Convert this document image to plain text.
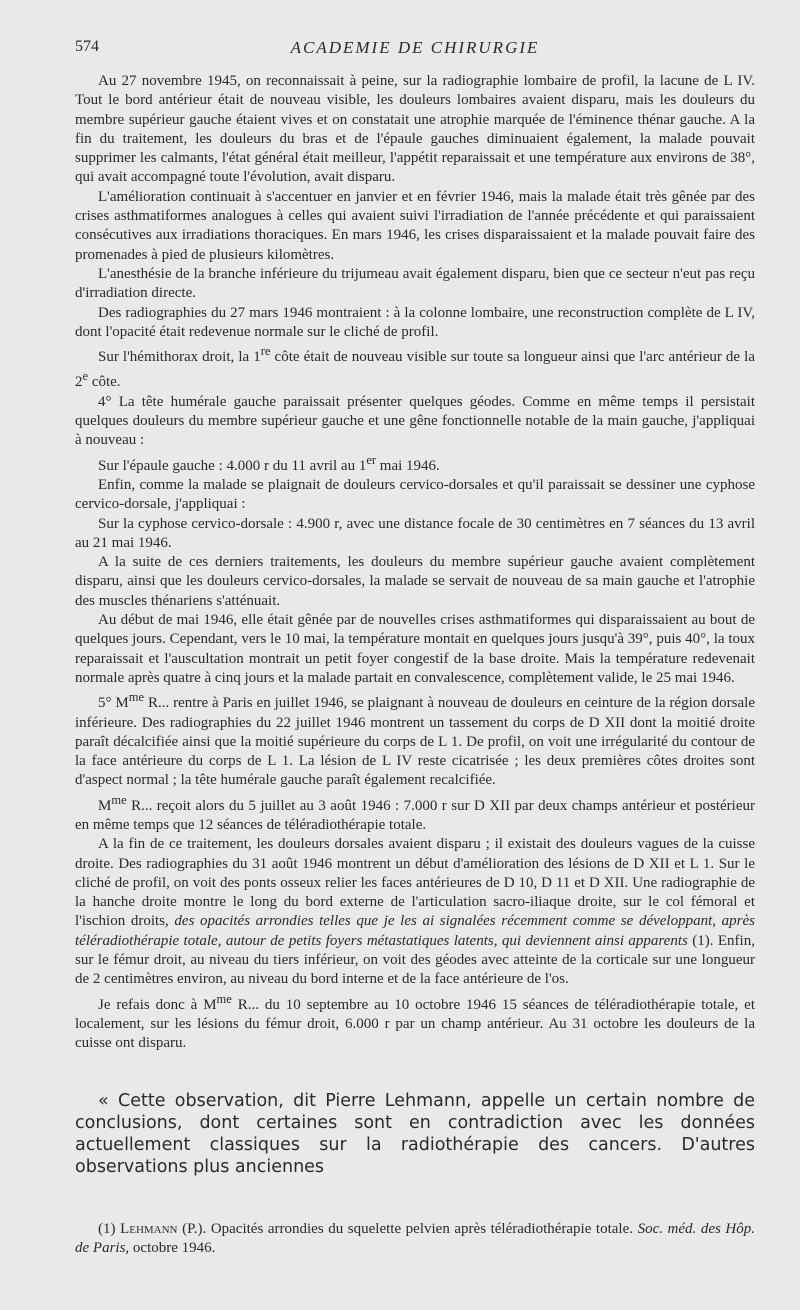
574	ACADEMIE DE CHIRURGIE

Au 27 novembre 1945, on reconnaissait à peine, sur la radiographie lombaire de profil, la lacune de L IV. Tout le bord antérieur était de nouveau visible, les douleurs lombaires avaient disparu, mais les douleurs du membre supérieur gauche étaient vives et on constatait une atrophie marquée de l'éminence thénar gauche. A la fin du traitement, les douleurs du bras et de l'épaule gauches diminuaient également, la malade pouvait supprimer les calmants, l'état général était meilleur, l'appétit reparaissait et une température aux environs de 38°, qui avait accompagné toute l'évolution, avait disparu.

L'amélioration continuait à s'accentuer en janvier et en février 1946, mais la malade était très gênée par des crises asthmatiformes analogues à celles qui avaient suivi l'irradiation de l'année précédente et qui paraissaient consécutives aux irradiations thoraciques. En mars 1946, les crises disparaissaient et la malade pouvait faire des promenades à pied de plusieurs kilomètres.

L'anesthésie de la branche inférieure du trijumeau avait également disparu, bien que ce secteur n'eut pas reçu d'irradiation directe.

Des radiographies du 27 mars 1946 montraient : à la colonne lombaire, une reconstruction complète de L IV, dont l'opacité était redevenue normale sur le cliché de profil.

Sur l'hémithorax droit, la 1re côte était de nouveau visible sur toute sa longueur ainsi que l'arc antérieur de la 2e côte.

4° La tête humérale gauche paraissait présenter quelques géodes. Comme en même temps il persistait quelques douleurs du membre supérieur gauche et une gêne fonctionnelle notable de la main gauche, j'appliquai à nouveau :

Sur l'épaule gauche : 4.000 r du 11 avril au 1er mai 1946.

Enfin, comme la malade se plaignait de douleurs cervico-dorsales et qu'il paraissait se dessiner une cyphose cervico-dorsale, j'appliquai :

Sur la cyphose cervico-dorsale : 4.900 r, avec une distance focale de 30 centimètres en 7 séances du 13 avril au 21 mai 1946.

A la suite de ces derniers traitements, les douleurs du membre supérieur gauche avaient complètement disparu, ainsi que les douleurs cervico-dorsales, la malade se servait de nouveau de sa main gauche et l'atrophie des muscles thénariens s'atténuait.

Au début de mai 1946, elle était gênée par de nouvelles crises asthmatiformes qui disparaissaient au bout de quelques jours. Cependant, vers le 10 mai, la température montait en quelques jours jusqu'à 39°, puis 40°, la toux reparaissait et l'auscultation montrait un petit foyer congestif de la base droite. Mais la température redevenait normale après quatre à cinq jours et la malade partait en convalescence, complètement valide, le 25 mai 1946.

5° $M^{me}$ R... rentre à Paris en juillet 1946, se plaignant à nouveau de douleurs en ceinture de la région dorsale inférieure. Des radiographies du 22 juillet 1946 montrent un tassement du corps de D XII dont la moitié droite paraît décalcifiée ainsi que la moitié supérieure du corps de L 1. De profil, on voit une irrégularité du contour de la face antérieure du corps de L 1. La lésion de L IV reste cicatrisée ; les deux premières côtes droites sont d'aspect normal ; la tête humérale gauche paraît également recalcifiée.

$M^{me}$ R... reçoit alors du 5 juillet au 3 août 1946 : 7.000 r sur D XII par deux champs antérieur et postérieur en même temps que 12 séances de téléradiothérapie totale.

A la fin de ce traitement, les douleurs dorsales avaient disparu ; il existait des douleurs vagues de la cuisse droite. Des radiographies du 31 août 1946 montrent un début d'amélioration des lésions de D XII et L 1. Sur le cliché de profil, on voit des ponts osseux relier les faces antérieures de D 10, D 11 et D XII. Une radiographie de la hanche droite montre le long du bord externe de l'articulation sacro-iliaque droite, sur le col fémoral et l'ischion droits, des opacités arrondies telles que je les ai signalées récemment comme se développant, après téléradiothérapie totale, autour de petits foyers métastatiques latents, qui deviennent ainsi apparents (1). Enfin, sur le fémur droit, au niveau du tiers inférieur, on voit des géodes avec atteinte de la corticale sur une longueur de 2 centimètres environ, au niveau du bord interne et de la face antérieure de l'os.

Je refais donc à $M^{me}$ R... du 10 septembre au 10 octobre 1946 15 séances de téléradiothérapie totale, et localement, sur les lésions du fémur droit, 6.000 r par un champ antérieur. Au 31 octobre les douleurs de la cuisse ont disparu.

« Cette observation, dit Pierre Lehmann, appelle un certain nombre de conclusions, dont certaines sont en contradiction avec les données actuellement classiques sur la radiothérapie des cancers. D'autres observations plus anciennes

(1) Lehmann (P.). Opacités arrondies du squelette pelvien après téléradiothérapie totale. Soc. méd. des Hôp. de Paris, octobre 1946.
